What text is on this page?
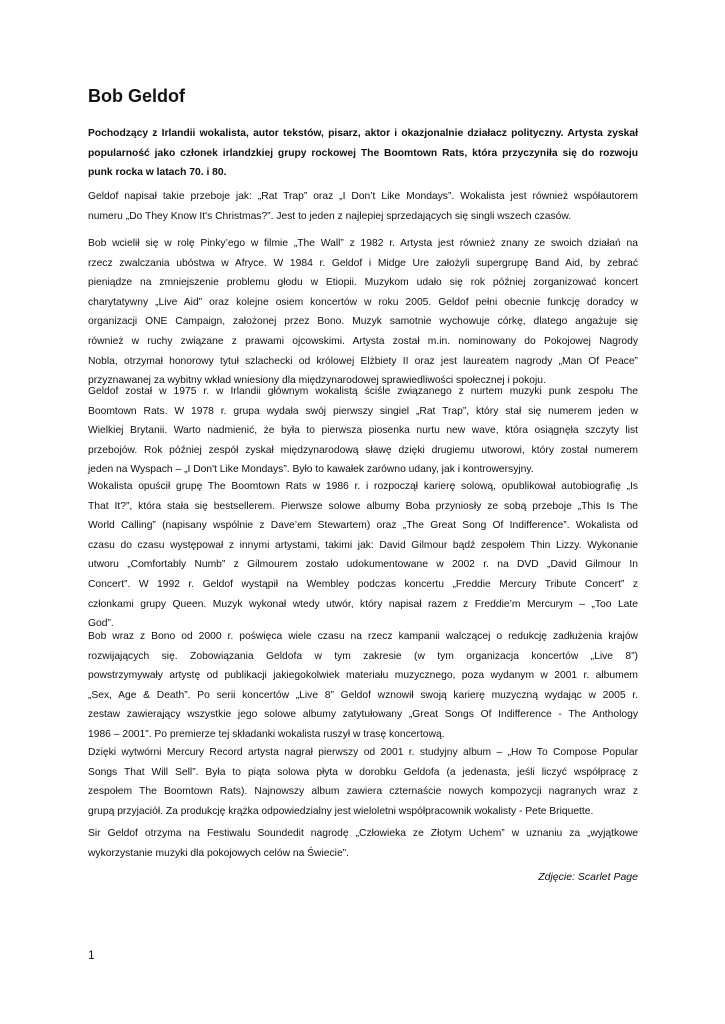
Bob Geldof
Pochodzący z Irlandii wokalista, autor tekstów, pisarz, aktor i okazjonalnie działacz polityczny. Artysta zyskał
popularność jako członek irlandzkiej grupy rockowej The Boomtown Rats, która przyczyniła się do rozwoju
punk rocka w latach 70. i 80.
Geldof napisał takie przeboje jak: „Rat Trap” oraz „I Don’t Like Mondays”. Wokalista jest również współautorem
numeru „Do They Know It's Christmas?”. Jest to jeden z najlepiej sprzedających się singli wszech czasów.
Bob wcielił się w rolę Pinky’ego w filmie „The Wall” z 1982 r. Artysta jest również znany ze swoich działań na
rzecz zwalczania ubóstwa w Afryce. W 1984 r. Geldof i Midge Ure założyli supergrupę Band Aid, by zebrać
pieniądze na zmniejszenie problemu głodu w Etiopii. Muzykom udało się rok później zorganizować koncert
charytatywny „Live Aid” oraz kolejne osiem koncertów w roku 2005. Geldof pełni obecnie funkcję doradcy w
organizacji ONE Campaign, założonej przez Bono. Muzyk samotnie wychowuje córkę, dlatego angażuje się
również w ruchy związane z prawami ojcowskimi. Artysta został m.in. nominowany do Pokojowej Nagrody
Nobla, otrzymał honorowy tytuł szlachecki od królowej Elżbiety II oraz jest laureatem nagrody „Man Of Peace”
przyznawanej za wybitny wkład wniesiony dla międzynarodowej sprawiedliwości społecznej i pokoju.
Geldof został w 1975 r. w Irlandii głównym wokalistą ściśle związanego z nurtem muzyki punk zespołu The
Boomtown Rats. W 1978 r. grupa wydała swój pierwszy singiel „Rat Trap”, który stał się numerem jeden w
Wielkiej Brytanii. Warto nadmienić, że była to pierwsza piosenka nurtu new wave, która osiągnęła szczyty list
przebojów. Rok później zespół zyskał międzynarodową sławę dzięki drugiemu utworowi, który został numerem
jeden na Wyspach – „I Don't Like Mondays”. Było to kawałek zarówno udany, jak i kontrowersyjny.
Wokalista opuścił grupę The Boomtown Rats w 1986 r. i rozpoczął karierę solową, opublikował autobiografię „Is
That It?”, która stała się bestsellerem. Pierwsze solowe albumy Boba przyniosły ze sobą przeboje „This Is The
World Calling” (napisany wspólnie z Dave’em Stewartem) oraz „The Great Song Of Indifference”. Wokalista od
czasu do czasu występował z innymi artystami, takimi jak: David Gilmour bądź zespołem Thin Lizzy. Wykonanie
utworu „Comfortably Numb” z Gilmourem zostało udokumentowane w 2002 r. na DVD „David Gilmour In
Concert”. W 1992 r. Geldof wystąpił na Wembley podczas koncertu „Freddie Mercury Tribute Concert” z
członkami grupy Queen. Muzyk wykonał wtedy utwór, który napisał razem z Freddie’m Mercurym – „Too Late
God”.
Bob wraz z Bono od 2000 r. poświęca wiele czasu na rzecz kampanii walczącej o redukcję zadłużenia krajów
rozwijających się. Zobowiązania Geldofa w tym zakresie (w tym organizacja koncertów „Live 8”)
powstrzymywały artystę od publikacji jakiegokolwiek materiału muzycznego, poza wydanym w 2001 r. albumem
„Sex, Age & Death”. Po serii koncertów „Live 8” Geldof wznowił swoją karierę muzyczną wydając w 2005 r.
zestaw zawierający wszystkie jego solowe albumy zatytułowany „Great Songs Of Indifference - The Anthology
1986 – 2001”. Po premierze tej składanki wokalista ruszył w trasę koncertową.
Dzięki wytwórni Mercury Record artysta nagrał pierwszy od 2001 r. studyjny album – „How To Compose Popular
Songs That Will Sell”. Była to piąta solowa płyta w dorobku Geldofa (a jedenasta, jeśli liczyć współpracę z
zespołem The Boomtown Rats). Najnowszy album zawiera czternaście nowych kompozycji nagranych wraz z
grupą przyjaciół. Za produkcję krążka odpowiedzialny jest wieloletni współpracownik wokalisty - Pete Briquette.
Sir Geldof otrzyma na Festiwalu Soundedit nagrodę „Człowieka ze Złotym Uchem” w uznaniu za „wyjątkowe
wykorzystanie muzyki dla pokojowych celów na Świecie”.
Zdjęcie: Scarlet Page
1
